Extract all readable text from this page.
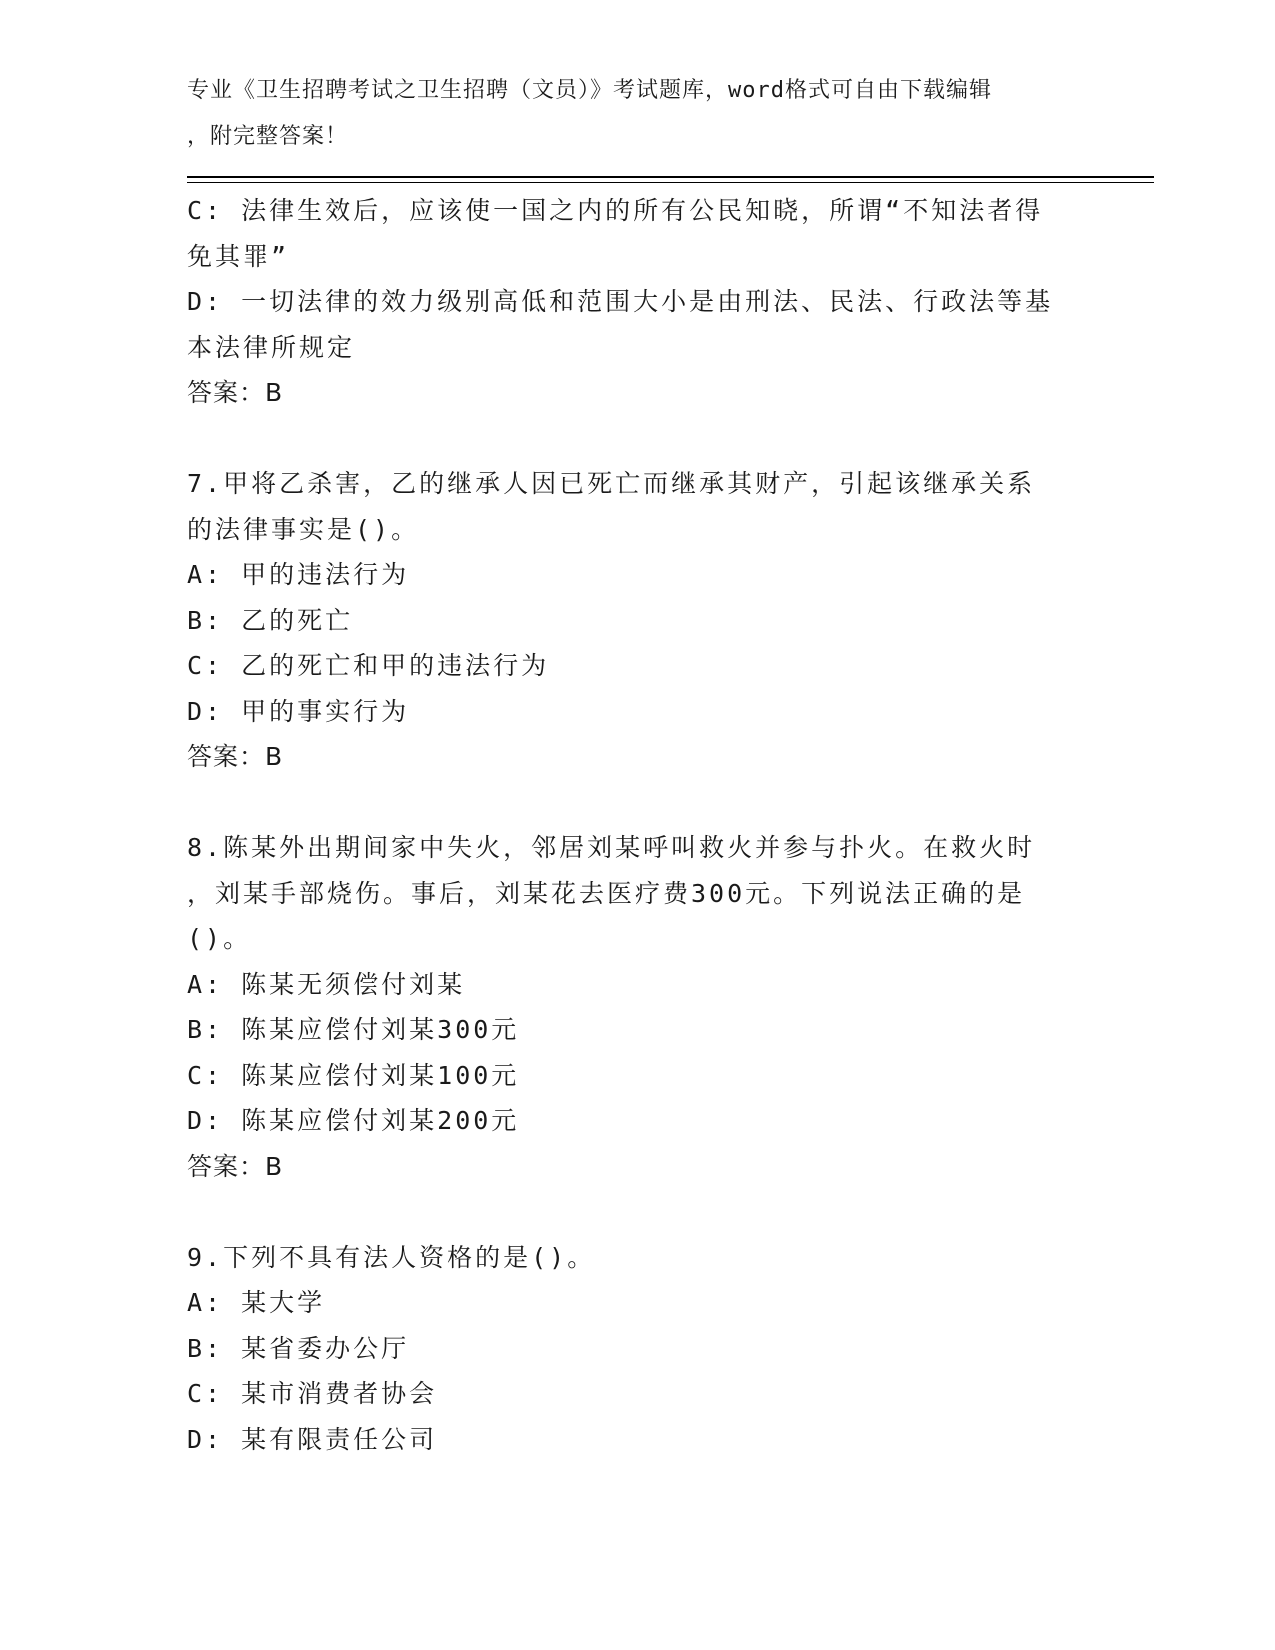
专业《卫生招聘考试之卫生招聘（文员）》考试题库，word格式可自由下载编辑
，附完整答案！
C: 法律生效后，应该使一国之内的所有公民知晓，所谓“不知法者得
免其罪”
D: 一切法律的效力级别高低和范围大小是由刑法、民法、行政法等基
本法律所规定
答案：B
7.甲将乙杀害，乙的继承人因已死亡而继承其财产，引起该继承关系
的法律事实是()。
A: 甲的违法行为
B: 乙的死亡
C: 乙的死亡和甲的违法行为
D: 甲的事实行为
答案：B
8.陈某外出期间家中失火，邻居刘某呼叫救火并参与扑火。在救火时
，刘某手部烧伤。事后，刘某花去医疗费300元。下列说法正确的是
()。
A: 陈某无须偿付刘某
B: 陈某应偿付刘某300元
C: 陈某应偿付刘某100元
D: 陈某应偿付刘某200元
答案：B
9.下列不具有法人资格的是()。
A: 某大学
B: 某省委办公厅
C: 某市消费者协会
D: 某有限责任公司
